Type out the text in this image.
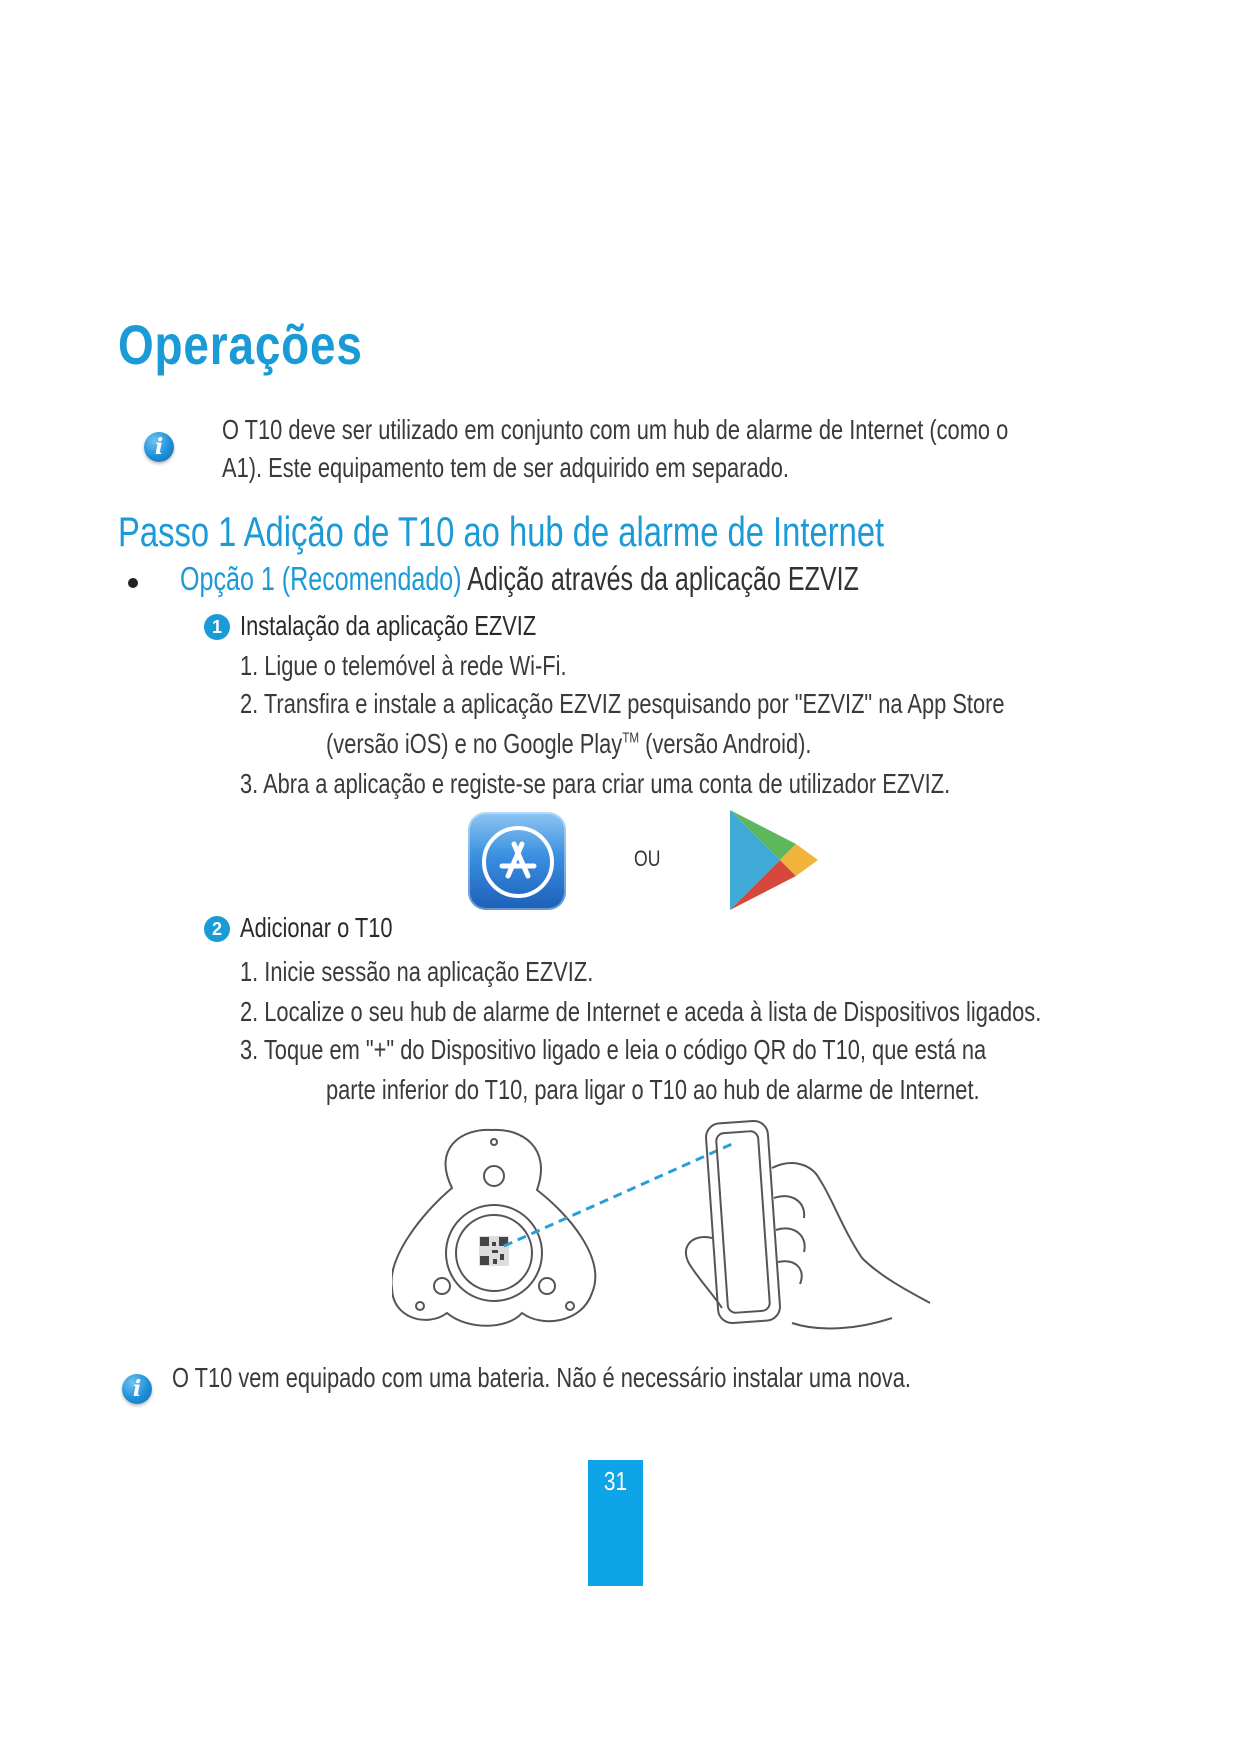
Operações
i
O T10 deve ser utilizado em conjunto com um hub de alarme de Internet (como o
A1). Este equipamento tem de ser adquirido em separado.
Passo 1 Adição de T10 ao hub de alarme de Internet
Opção 1 (Recomendado) Adição através da aplicação EZVIZ
1 Instalação da aplicação EZVIZ
1. Ligue o telemóvel à rede Wi-Fi.
2. Transfira e instale a aplicação EZVIZ pesquisando por "EZVIZ" na App Store
(versão iOS) e no Google Play™ (versão Android).
3. Abra a aplicação e registe-se para criar uma conta de utilizador EZVIZ.
OU
2 Adicionar o T10
1. Inicie sessão na aplicação EZVIZ.
2. Localize o seu hub de alarme de Internet e aceda à lista de Dispositivos ligados.
3. Toque em "+" do Dispositivo ligado e leia o código QR do T10, que está na
parte inferior do T10, para ligar o T10 ao hub de alarme de Internet.
i	O T10 vem equipado com uma bateria. Não é necessário instalar uma nova.
31
